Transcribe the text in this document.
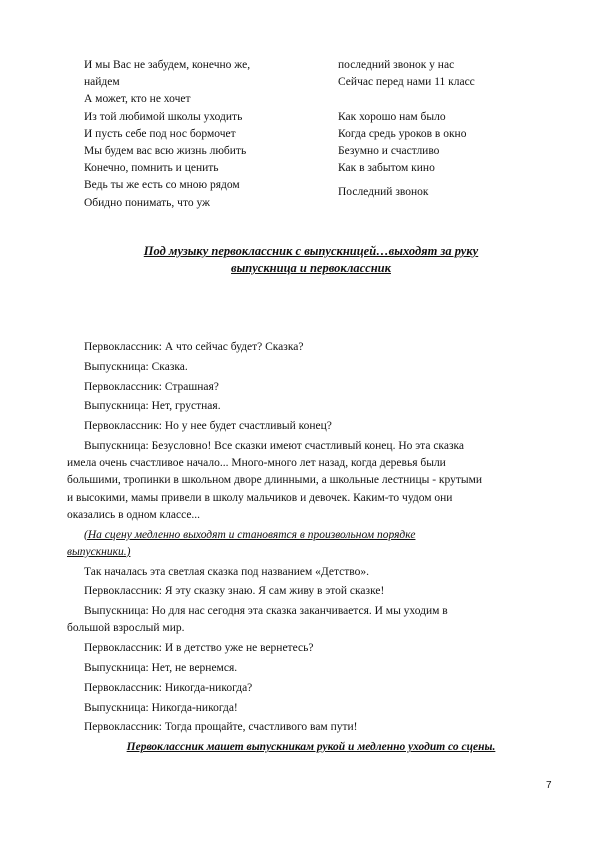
И мы Вас не забудем, конечно же,
найдем
А может, кто не хочет
Из той любимой школы уходить
И пусть себе под нос бормочет
Мы будем вас всю жизнь любить
Конечно, помнить и ценить
Ведь ты же есть со мною рядом
Обидно понимать, что уж
последний звонок у нас
Сейчас перед нами 11 класс
Как хорошо нам было
Когда средь уроков в окно
Безумно и счастливо
Как в забытом кино
Последний звонок
Под музыку первоклассник с выпускницей…выходят за руку
выпускница и первоклассник
Первоклассник: А что сейчас будет? Сказка?
Выпускница: Сказка.
Первоклассник: Страшная?
Выпускница: Нет, грустная.
Первоклассник: Но у нее будет счастливый конец?
Выпускница: Безусловно! Все сказки имеют счастливый конец. Но эта сказка
имела очень счастливое начало... Много-много лет назад, когда деревья были
большими, тропинки в школьном дворе длинными, а школьные лестницы - крутыми
и высокими, мамы привели в школу мальчиков и девочек. Каким-то чудом они
оказались в одном классе...
(На сцену медленно выходят и становятся в произвольном порядке
выпускники.)
Так началась эта светлая сказка под названием «Детство».
Первоклассник: Я эту сказку знаю. Я сам живу в этой сказке!
Выпускница: Но для нас сегодня эта сказка заканчивается. И мы уходим в
большой взрослый мир.
Первоклассник: И в детство уже не вернетесь?
Выпускница: Нет, не вернемся.
Первоклассник: Никогда-никогда?
Выпускница: Никогда-никогда!
Первоклассник: Тогда прощайте, счастливого вам пути!
Первоклассник машет выпускникам рукой и медленно уходит со сцены.
7
